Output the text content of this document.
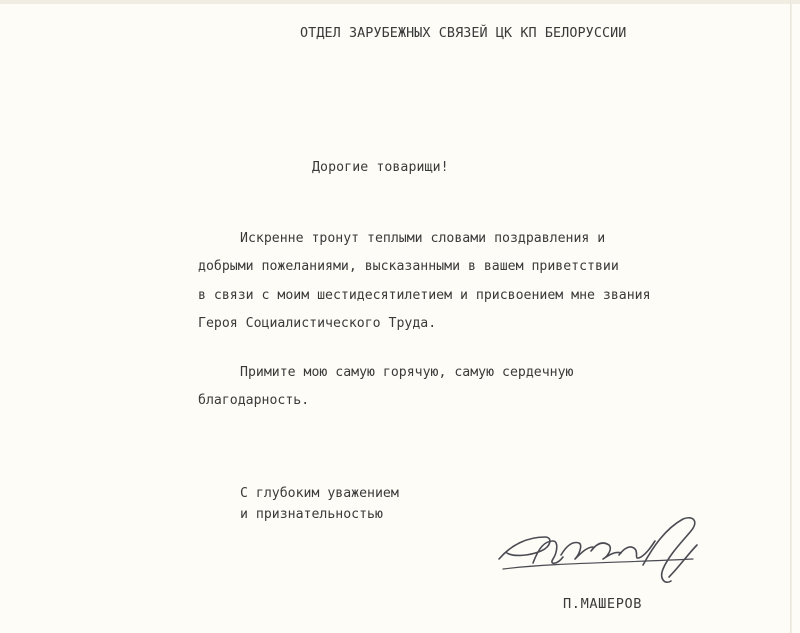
ОТДЕЛ ЗАРУБЕЖНЫХ СВЯЗЕЙ ЦК КП БЕЛОРУССИИ
Дорогие товарищи!
Искренне тронут теплыми словами поздравления и
добрыми пожеланиями, высказанными в вашем приветствии
в связи с моим шестидесятилетием и присвоением мне звания
Героя Социалистического Труда.
Примите мою самую горячую, самую сердечную
благодарность.
С глубоким уважением
и признательностью
П.МАШЕРОВ
